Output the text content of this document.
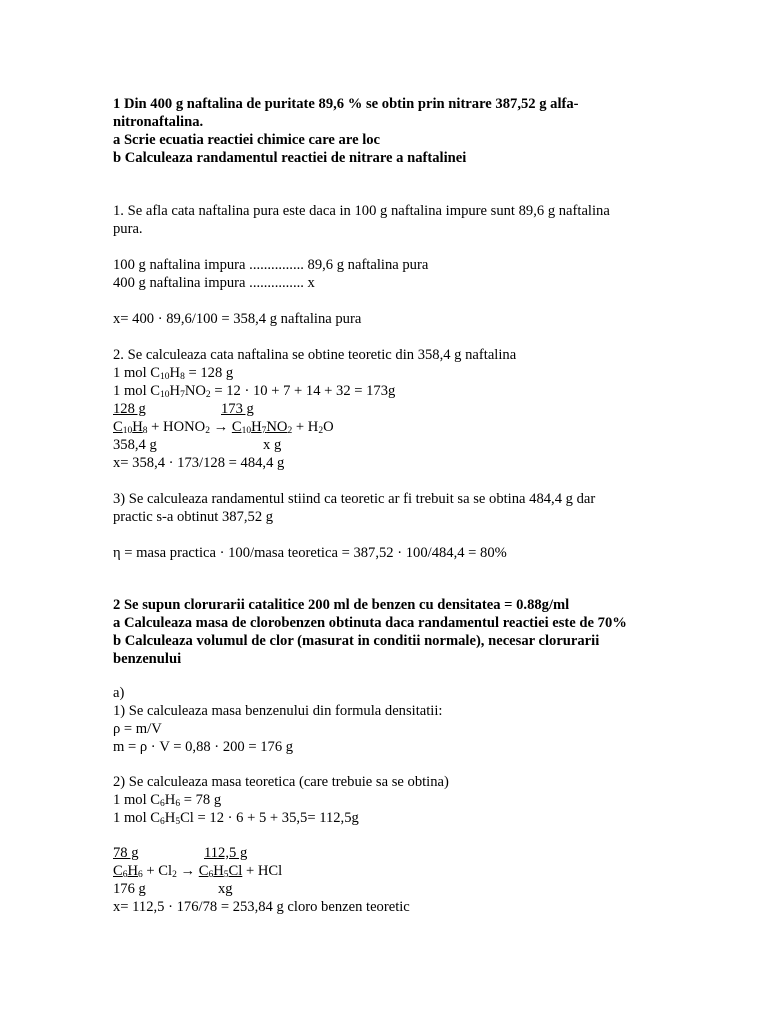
1 Din 400 g naftalina de puritate 89,6 % se obtin prin nitrare 387,52 g alfa-
nitronaftalina.
a Scrie ecuatia reactiei chimice care are loc
b Calculeaza randamentul reactiei de nitrare a naftalinei
1. Se afla cata naftalina pura este daca in 100 g naftalina impure sunt 89,6 g naftalina
pura.
100 g naftalina impura ............... 89,6 g naftalina pura
400 g naftalina impura ............... x
x= 400 · 89,6/100 = 358,4 g naftalina pura
2. Se calculeaza cata naftalina se obtine teoretic din 358,4 g naftalina
1 mol $C_{10}H_8 = 128$ g
1 mol $C_{10}H_7NO_2 = 12 \cdot 10 + 7 + 14 + 32 = 173g$
128 g	173 g
$C_{10}H_8$ + $HONO_2 \to C_{10}H_7NO_2 + H_2O$
358,4 g	x g
x= 358,4 · 173/128 = 484,4 g
3) Se calculeaza randamentul stiind ca teoretic ar fi trebuit sa se obtina 484,4 g dar
practic s-a obtinut 387,52 g
η = masa practica · 100/masa teoretica = 387,52 · 100/484,4 = 80%
2 Se supun clorurarii catalitice 200 ml de benzen cu densitatea = 0.88g/ml
a Calculeaza masa de clorobenzen obtinuta daca randamentul reactiei este de 70%
b Calculeaza volumul de clor (masurat in conditii normale), necesar clorurarii
benzenului
a)
1) Se calculeaza masa benzenului din formula densitatii:
ρ = m/V
m = ρ · V = 0,88 · 200 = 176 g
2) Se calculeaza masa teoretica (care trebuie sa se obtina)
1 mol $C_6H_6 = 78$ g
1 mol $C_6H_5Cl = 12 \cdot 6 + 5 + 35,5= 112,5g$
78 g	112,5 g
$C_6H_6 + Cl_2 \to C_6H_5Cl$ + HCl
176 g	xg
x= 112,5 · 176/78 = 253,84 g cloro benzen teoretic
